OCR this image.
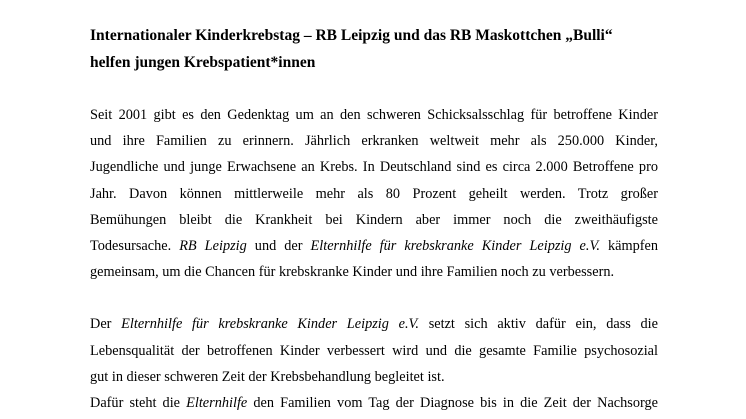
Internationaler Kinderkrebstag – RB Leipzig und das RB Maskottchen „Bulli“
helfen jungen Krebspatient*innen
Seit 2001 gibt es den Gedenktag um an den schweren Schicksalsschlag für betroffene Kinder
und ihre Familien zu erinnern. Jährlich erkranken weltweit mehr als 250.000 Kinder,
Jugendliche und junge Erwachsene an Krebs. In Deutschland sind es circa 2.000 Betroffene pro
Jahr. Davon können mittlerweile mehr als 80 Prozent geheilt werden. Trotz großer
Bemühungen bleibt die Krankheit bei Kindern aber immer noch die zweithäufigste
Todesursache. RB Leipzig und der Elternhilfe für krebskranke Kinder Leipzig e.V. kämpfen
gemeinsam, um die Chancen für krebskranke Kinder und ihre Familien noch zu verbessern.
Der Elternhilfe für krebskranke Kinder Leipzig e.V. setzt sich aktiv dafür ein, dass die
Lebensqualität der betroffenen Kinder verbessert wird und die gesamte Familie psychosozial
gut in dieser schweren Zeit der Krebsbehandlung begleitet ist.
Dafür steht die Elternhilfe den Familien vom Tag der Diagnose bis in die Zeit der Nachsorge
